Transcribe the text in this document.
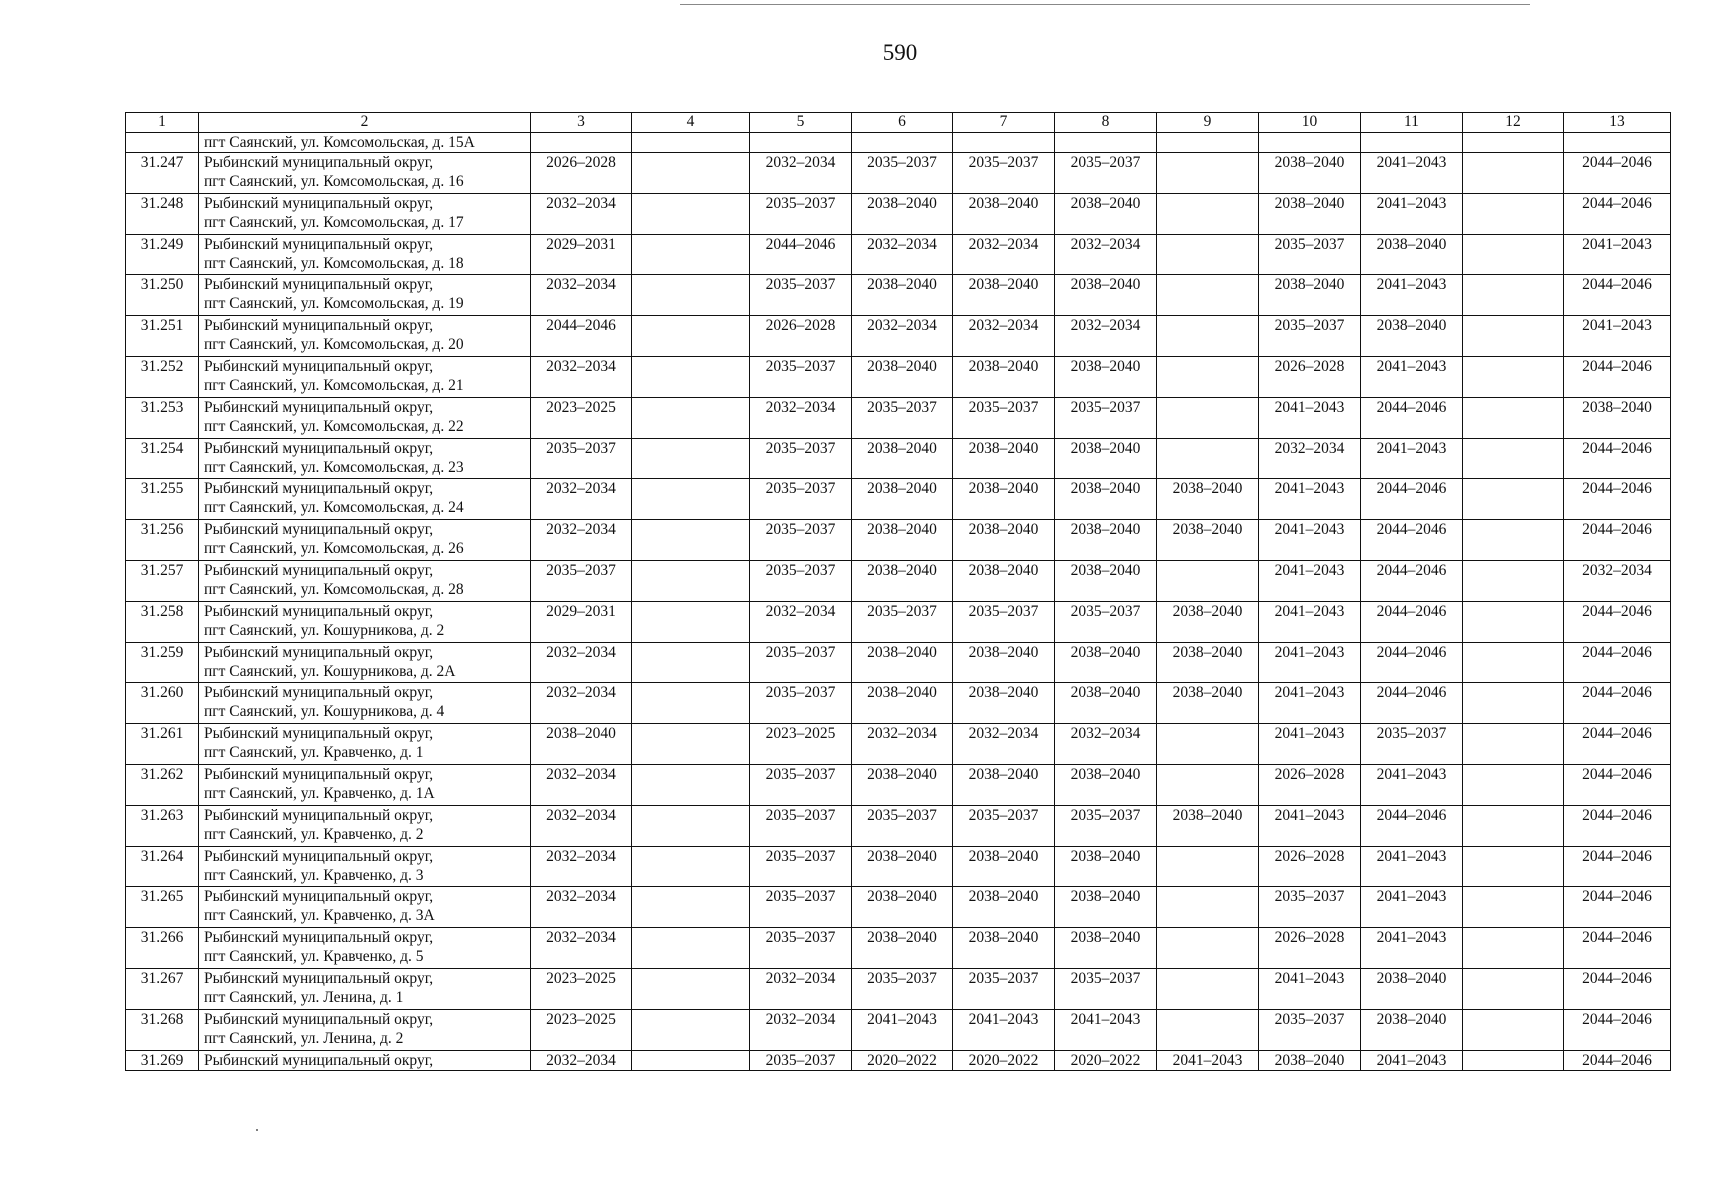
590
1	2	3	4	5	6	7	8	9	10	11	12	13

	пгт Саянский, ул. Комсомольская, д. 15А											

31.247	Рыбинский муниципальный округ,
пгт Саянский, ул. Комсомольская, д. 16	2026–2028		2032–2034	2035–2037	2035–2037	2035–2037		2038–2040	2041–2043		2044–2046
31.248	Рыбинский муниципальный округ,
пгт Саянский, ул. Комсомольская, д. 17	2032–2034		2035–2037	2038–2040	2038–2040	2038–2040		2038–2040	2041–2043		2044–2046
31.249	Рыбинский муниципальный округ,
пгт Саянский, ул. Комсомольская, д. 18	2029–2031		2044–2046	2032–2034	2032–2034	2032–2034		2035–2037	2038–2040		2041–2043
31.250	Рыбинский муниципальный округ,
пгт Саянский, ул. Комсомольская, д. 19	2032–2034		2035–2037	2038–2040	2038–2040	2038–2040		2038–2040	2041–2043		2044–2046
31.251	Рыбинский муниципальный округ,
пгт Саянский, ул. Комсомольская, д. 20	2044–2046		2026–2028	2032–2034	2032–2034	2032–2034		2035–2037	2038–2040		2041–2043
31.252	Рыбинский муниципальный округ,
пгт Саянский, ул. Комсомольская, д. 21	2032–2034		2035–2037	2038–2040	2038–2040	2038–2040		2026–2028	2041–2043		2044–2046
31.253	Рыбинский муниципальный округ,
пгт Саянский, ул. Комсомольская, д. 22	2023–2025		2032–2034	2035–2037	2035–2037	2035–2037		2041–2043	2044–2046		2038–2040
31.254	Рыбинский муниципальный округ,
пгт Саянский, ул. Комсомольская, д. 23	2035–2037		2035–2037	2038–2040	2038–2040	2038–2040		2032–2034	2041–2043		2044–2046
31.255	Рыбинский муниципальный округ,
пгт Саянский, ул. Комсомольская, д. 24	2032–2034		2035–2037	2038–2040	2038–2040	2038–2040	2038–2040	2041–2043	2044–2046		2044–2046
31.256	Рыбинский муниципальный округ,
пгт Саянский, ул. Комсомольская, д. 26	2032–2034		2035–2037	2038–2040	2038–2040	2038–2040	2038–2040	2041–2043	2044–2046		2044–2046
31.257	Рыбинский муниципальный округ,
пгт Саянский, ул. Комсомольская, д. 28	2035–2037		2035–2037	2038–2040	2038–2040	2038–2040		2041–2043	2044–2046		2032–2034
31.258	Рыбинский муниципальный округ,
пгт Саянский, ул. Кошурникова, д. 2	2029–2031		2032–2034	2035–2037	2035–2037	2035–2037	2038–2040	2041–2043	2044–2046		2044–2046
31.259	Рыбинский муниципальный округ,
пгт Саянский, ул. Кошурникова, д. 2А	2032–2034		2035–2037	2038–2040	2038–2040	2038–2040	2038–2040	2041–2043	2044–2046		2044–2046
31.260	Рыбинский муниципальный округ,
пгт Саянский, ул. Кошурникова, д. 4	2032–2034		2035–2037	2038–2040	2038–2040	2038–2040	2038–2040	2041–2043	2044–2046		2044–2046
31.261	Рыбинский муниципальный округ,
пгт Саянский, ул. Кравченко, д. 1	2038–2040		2023–2025	2032–2034	2032–2034	2032–2034		2041–2043	2035–2037		2044–2046
31.262	Рыбинский муниципальный округ,
пгт Саянский, ул. Кравченко, д. 1А	2032–2034		2035–2037	2038–2040	2038–2040	2038–2040		2026–2028	2041–2043		2044–2046
31.263	Рыбинский муниципальный округ,
пгт Саянский, ул. Кравченко, д. 2	2032–2034		2035–2037	2035–2037	2035–2037	2035–2037	2038–2040	2041–2043	2044–2046		2044–2046
31.264	Рыбинский муниципальный округ,
пгт Саянский, ул. Кравченко, д. 3	2032–2034		2035–2037	2038–2040	2038–2040	2038–2040		2026–2028	2041–2043		2044–2046
31.265	Рыбинский муниципальный округ,
пгт Саянский, ул. Кравченко, д. 3А	2032–2034		2035–2037	2038–2040	2038–2040	2038–2040		2035–2037	2041–2043		2044–2046
31.266	Рыбинский муниципальный округ,
пгт Саянский, ул. Кравченко, д. 5	2032–2034		2035–2037	2038–2040	2038–2040	2038–2040		2026–2028	2041–2043		2044–2046
31.267	Рыбинский муниципальный округ,
пгт Саянский, ул. Ленина, д. 1	2023–2025		2032–2034	2035–2037	2035–2037	2035–2037		2041–2043	2038–2040		2044–2046
31.268	Рыбинский муниципальный округ,
пгт Саянский, ул. Ленина, д. 2	2023–2025		2032–2034	2041–2043	2041–2043	2041–2043		2035–2037	2038–2040		2044–2046
31.269	Рыбинский муниципальный округ,	2032–2034		2035–2037	2020–2022	2020–2022	2020–2022	2041–2043	2038–2040	2041–2043		2044–2046
